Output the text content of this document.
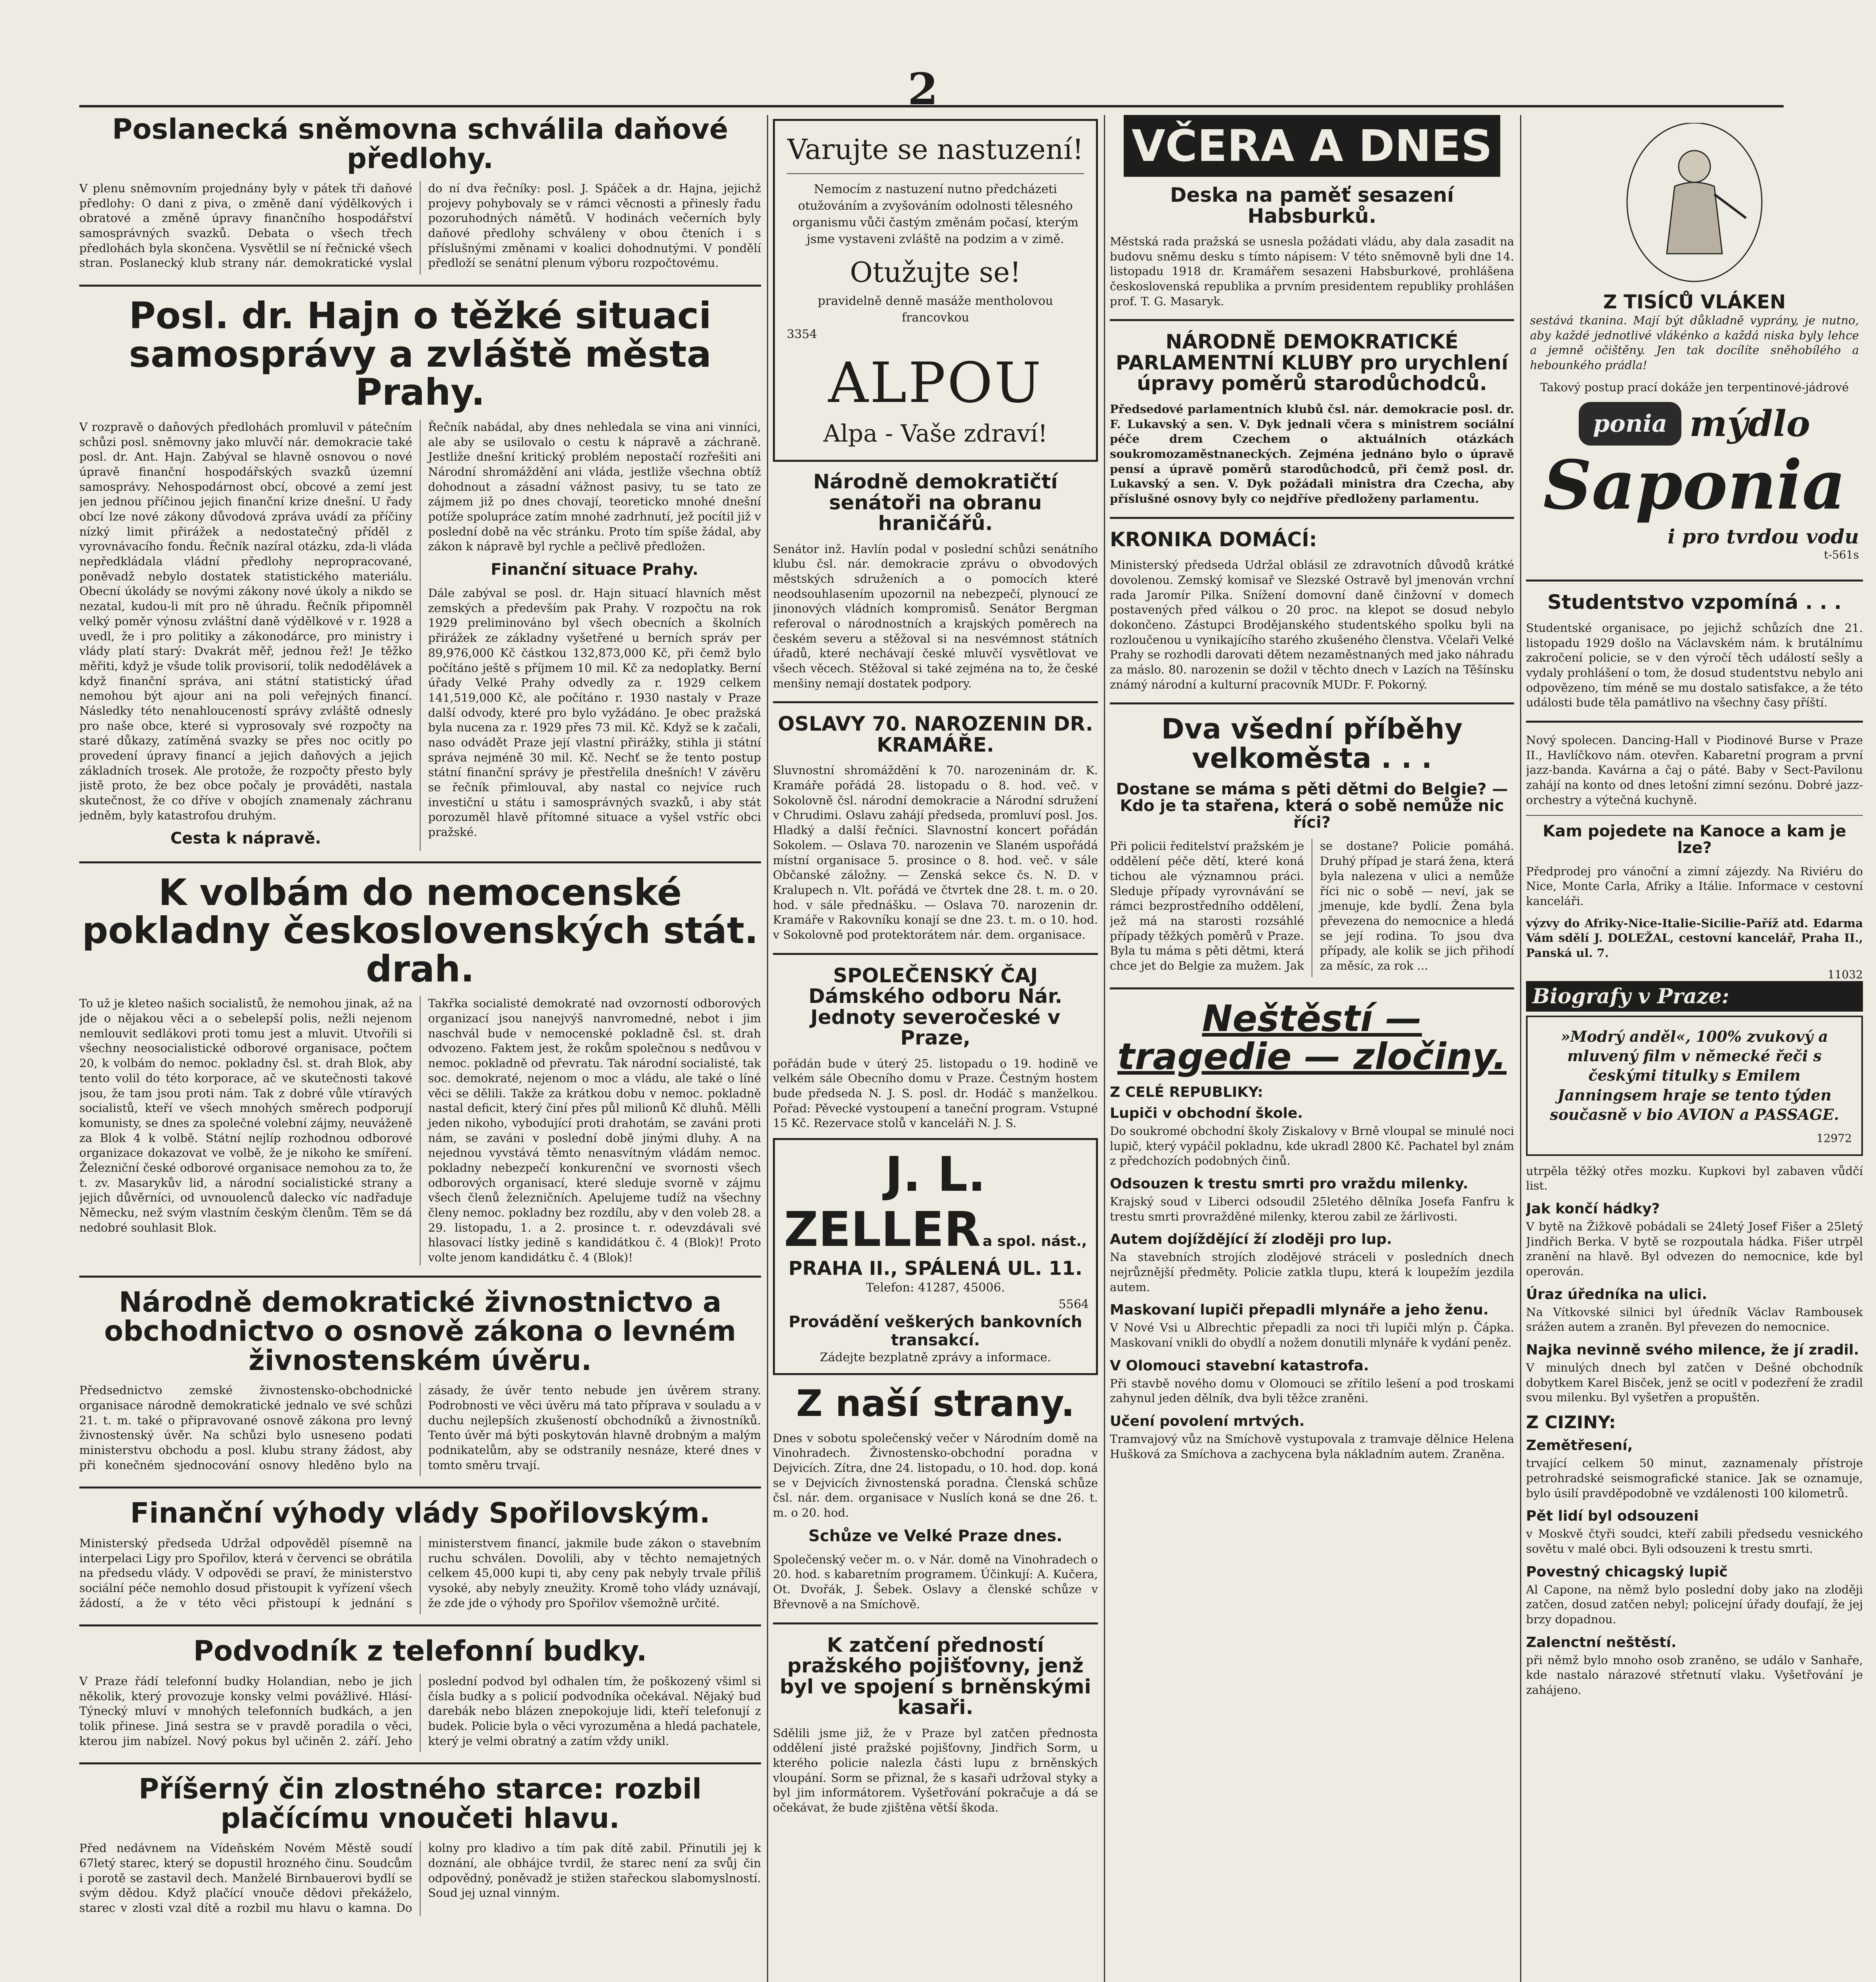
2
Poslanecká sněmovna schválila daňové předlohy.

V plenu sněmovním projednány byly v pátek tři daňové předlohy: O dani z piva, o změně daní výdělkových i obratové a změně úpravy finančního hospodářství samosprávných svazků. Debata o všech třech předlohách byla skončena. Vysvětlil se ní řečnické všech stran. Poslanecký klub strany nár. demokratické vyslal do ní dva řečníky: posl. J. Spáček a dr. Hajna, jejichž projevy pohybovaly se v rámci věcnosti a přinesly řadu pozoruhodných námětů. V hodinách večerních byly daňové předlohy schváleny v obou čteních i s příslušnými změnami v koalici dohodnutými. V pondělí předloží se senátní plenum výboru rozpočtovému.

Posl. dr. Hajn o těžké situaci samosprávy a zvláště města Prahy.

V rozpravě o daňových předlohách promluvil v pátečním schůzi posl. sněmovny jako mluvčí nár. demokracie také posl. dr. Ant. Hajn. Zabýval se hlavně osnovou o nové úpravě finanční hospodářských svazků územní samosprávy. Nehospodárnost obcí, obcové a zemí jest jen jednou příčinou jejich finanční krize dnešní. U řady obcí lze nové zákony důvodová zpráva uvádí za příčiny nízký limit přirážek a nedostatečný příděl z vyrovnávacího fondu. Řečník nazíral otázku, zda-li vláda nepředkládala vládní předlohy nepropracované, poněvadž nebylo dostatek statistického materiálu. Obecní úkolády se novými zákony nové úkoly a nikdo se nezatal, kudou-li mít pro ně úhradu. Řečník připomněl velký poměr výnosu zvláštní daně výdělkové v r. 1928 a uvedl, že i pro politiky a zákonodárce, pro ministry i vlády platí starý: Dvakrát měř, jednou řež! Je těžko měřiti, když je všude tolik provisorií, tolik nedodělávek a když finanční správa, ani státní statistický úřad nemohou být ajour ani na poli veřejných financí. Následky této nenahlouceností správy zvláště odnesly pro naše obce, které si vyprosovaly své rozpočty na staré důkazy, zatíměná svazky se přes noc ocitly po provedení úpravy financí a jejich daňových a jejich základních trosek. Ale protože, že rozpočty přesto byly jistě proto, že bez obce počaly je prováděti, nastala skutečnost, že co dříve v obojích znamenaly záchranu jedněm, byly katastrofou druhým.

Cesta k nápravě.

Řečník nabádal, aby dnes nehledala se vina ani vinníci, ale aby se usilovalo o cestu k nápravě a záchraně. Jestliže dnešní kritický problém nepostačí rozřešiti ani Národní shromáždění ani vláda, jestliže všechna obtíž dohodnout a zásadní vážnost pasivy, tu se tato ze zájmem již po dnes chovají, teoreticko mnohé dnešní potíže spolupráce zatím mnohé zadrhnutí, jež pocítil již v poslední době na věc stránku. Proto tím spíše žádal, aby zákon k nápravě byl rychle a pečlivě předložen.

Finanční situace Prahy.

Dále zabýval se posl. dr. Hajn situací hlavních měst zemských a především pak Prahy. V rozpočtu na rok 1929 preliminováno byl všech obecních a školních přirážek ze základny vyšetřené u berních správ per 89,976,000 Kč částkou 132,873,000 Kč, při čemž bylo počítáno ještě s příjmem 10 mil. Kč za nedoplatky. Berní úřady Velké Prahy odvedly za r. 1929 celkem 141,519,000 Kč, ale počítáno r. 1930 nastaly v Praze další odvody, které pro bylo vyžádáno. Je obec pražská byla nucena za r. 1929 přes 73 mil. Kč. Když se k začali, naso odvádět Praze její vlastní přirážky, stihla ji státní správa nejméně 30 mil. Kč. Nechť se že tento postup státní finanční správy je přestřelila dnešních! V závěru se řečník přimlouval, aby nastal co nejvíce ruch investiční u státu i samosprávných svazků, i aby stát porozuměl hlavě přítomné situace a vyšel vstříc obci pražské.

K volbám do nemocenské pokladny československých stát. drah.

To už je kleteo našich socialistů, že nemohou jinak, až na jde o nějakou věci a o sebelepší polis, nežli nejenom nemlouvit sedlákovi proti tomu jest a mluvit. Utvořili si všechny neosocialistické odborové organisace, počtem 20, k volbám do nemoc. pokladny čsl. st. drah Blok, aby tento volil do této korporace, ač ve skutečnosti takové jsou, že tam jsou proti nám. Tak z dobré vůle vtíravých socialistů, kteří ve všech mnohých směrech podporují komunisty, se dnes za společné volební zájmy, neuváženě za Blok 4 k volbě. Státní nejlíp rozhodnou odborové organizace dokazovat ve volbě, že je nikoho ke smíření. Železniční české odborové organisace nemohou za to, že t. zv. Masarykův lid, a národní socialistické strany a jejich důvěrníci, od uvnouolenců dalecko víc nadřaduje Německu, než svým vlastním českým členům. Těm se dá nedobré souhlasit Blok.

Takřka socialisté demokraté nad ovzorností odborových organizací jsou nanejvýš nanvromedné, nebot i jim naschvál bude v nemocenské pokladně čsl. st. drah odvozeno. Faktem jest, že rokům společnou s nedůvou v nemoc. pokladně od převratu. Tak národní socialisté, tak soc. demokraté, nejenom o moc a vládu, ale také o líné věci se dělili. Takže za krátkou dobu v nemoc. pokladně nastal deficit, který činí přes půl milionů Kč dluhů. Mělli jeden nikoho, vybodující proti drahotám, se zaváni proti nám, se zaváni v poslední době jinými dluhy. A na nejednou vyvstává těmto nenasvítným vládám nemoc. pokladny nebezpečí konkurenční ve svornosti všech odborových organisací, které sleduje svorně v zájmu všech členů železničních. Apelujeme tudíž na všechny členy nemoc. pokladny bez rozdílu, aby v den voleb 28. a 29. listopadu, 1. a 2. prosince t. r. odevzdávali své hlasovací lístky jedině s kandidátkou č. 4 (Blok)! Proto volte jenom kandidátku č. 4 (Blok)!

Národně demokratické živnostnictvo a obchodnictvo o osnově zákona o levném živnostenském úvěru.

Předsednictvo zemské živnostensko-obchodnické organisace národně demokratické jednalo ve své schůzi 21. t. m. také o připravované osnově zákona pro levný živnostenský úvěr. Na schůzi bylo usneseno podati ministerstvu obchodu a posl. klubu strany žádost, aby při konečném sjednocování osnovy hleděno bylo na zásady, že úvěr tento nebude jen úvěrem strany. Podrobnosti ve věci úvěru má tato příprava v souladu a v duchu nejlepších zkušeností obchodníků a živnostníků. Tento úvěr má býti poskytován hlavně drobným a malým podnikatelům, aby se odstranily nesnáze, které dnes v tomto směru trvají.

Finanční výhody vlády Spořilovským.

Ministerský předseda Udržal odpověděl písemně na interpelaci Ligy pro Spořilov, která v červenci se obrátila na předsedu vlády. V odpovědi se praví, že ministerstvo sociální péče nemohlo dosud přistoupit k vyřízení všech žádostí, a že v této věci přistoupí k jednání s ministerstvem financí, jakmile bude zákon o stavebním ruchu schválen. Dovolili, aby v těchto nemajetných celkem 45,000 kupi ti, aby ceny pak nebyly trvale příliš vysoké, aby nebyly zneužity. Kromě toho vlády uznávají, že zde jde o výhody pro Spořilov všemožně určité.

Podvodník z telefonní budky.

V Praze řádí telefonní budky Holandian, nebo je jich několik, který provozuje konsky velmi povážlivé. Hlásí-Týnecký mluví v mnohých telefonních budkách, a jen tolik přinese. Jiná sestra se v pravdě poradila o věci, kterou jim nabízel. Nový pokus byl učiněn 2. září. Jeho poslední podvod byl odhalen tím, že poškozený všiml si čísla budky a s policií podvodníka očekával. Nějaký bud darebák nebo blázen znepokojuje lidi, kteří telefonují z budek. Policie byla o věci vyrozuměna a hledá pachatele, který je velmi obratný a zatím vždy unikl.

Příšerný čin zlostného starce: rozbil plačícímu vnoučeti hlavu.

Před nedávnem na Vídeňském Novém Městě soudí 67letý starec, který se dopustil hrozného činu. Soudcům i porotě se zastavil dech. Manželé Birnbauerovi bydlí se svým dědou. Když plačící vnouče dědovi překáželo, starec v zlosti vzal dítě a rozbil mu hlavu o kamna. Do kolny pro kladivo a tím pak dítě zabil. Přinutili jej k doznání, ale obhájce tvrdil, že starec není za svůj čin odpovědný, poněvadž je stižen stařeckou slabomyslností. Soud jej uznal vinným.

Varujte se nastuzení!
Nemocím z nastuzení nutno předcházeti otužováním a zvyšováním odolnosti tělesného organismu vůči častým změnám počasí, kterým jsme vystaveni zvláště na podzim a v zimě.
Otužujte se!
pravidelně denně masáže mentholovou francovkou
3354
ALPOU
Alpa - Vaše zdraví!
Národně demokratičtí senátoři na obranu hraničářů.

Senátor inž. Havlín podal v poslední schůzi senátního klubu čsl. nár. demokracie zprávu o obvodových městských sdruženích a o pomocích které neodsouhlasením upozornil na nebezpečí, plynoucí ze jinonových vládních kompromisů. Senátor Bergman referoval o národnostních a krajských poměrech na českém severu a stěžoval si na nesvémnost státních úřadů, které nechávají české mluvčí vysvětlovat ve všech věcech. Stěžoval si také zejména na to, že české menšiny nemají dostatek podpory.

OSLAVY 70. NAROZENIN DR. KRAMÁŘE.

Sluvnostní shromáždění k 70. narozeninám dr. K. Kramáře pořádá 28. listopadu o 8. hod. več. v Sokolovně čsl. národní demokracie a Národní sdružení v Chrudimi. Oslavu zahájí předseda, promluví posl. Jos. Hladký a další řečníci. Slavnostní koncert pořádán Sokolem. — Oslava 70. narozenin ve Slaném uspořádá místní organisace 5. prosince o 8. hod. več. v sále Občanské záložny. — Zenská sekce čs. N. D. v Kralupech n. Vlt. pořádá ve čtvrtek dne 28. t. m. o 20. hod. v sále přednášku. — Oslava 70. narozenin dr. Kramáře v Rakovníku konají se dne 23. t. m. o 10. hod. v Sokolovně pod protektorátem nár. dem. organisace.

SPOLEČENSKÝ ČAJ Dámského odboru Nár. Jednoty severočeské v Praze,

pořádán bude v úterý 25. listopadu o 19. hodině ve velkém sále Obecního domu v Praze. Čestným hostem bude předseda N. J. S. posl. dr. Hodáč s manželkou. Pořad: Pěvecké vystoupení a taneční program. Vstupné 15 Kč. Rezervace stolů v kanceláři N. J. S.

J. L. ZELLER a spol. nást.,
PRAHA II., SPÁLENÁ UL. 11.
Telefon: 41287, 45006.
5564
Provádění veškerých bankovních transakcí.
Zádejte bezplatně zprávy a informace.
Z naší strany.

Dnes v sobotu společenský večer v Národním domě na Vinohradech. Živnostensko-obchodní poradna v Dejvicích. Zítra, dne 24. listopadu, o 10. hod. dop. koná se v Dejvicích živnostenská poradna. Členská schůze čsl. nár. dem. organisace v Nuslích koná se dne 26. t. m. o 20. hod.

Schůze ve Velké Praze dnes.

Společenský večer m. o. v Nár. domě na Vinohradech o 20. hod. s kabaretním programem. Účinkují: A. Kučera, Ot. Dvořák, J. Šebek. Oslavy a členské schůze v Břevnově a na Smíchově.

K zatčení předností pražského pojišťovny, jenž byl ve spojení s brněnskými kasaři.

Sdělili jsme již, že v Praze byl zatčen přednosta oddělení jisté pražské pojišťovny, Jindřich Sorm, u kterého policie nalezla části lupu z brněnských vloupání. Sorm se přiznal, že s kasaři udržoval styky a byl jim informátorem. Vyšetřování pokračuje a dá se očekávat, že bude zjištěna větší škoda.

VČERA A DNES
Deska na paměť sesazení Habsburků.

Městská rada pražská se usnesla požádati vládu, aby dala zasadit na budovu sněmu desku s tímto nápisem: V této sněmovně byli dne 14. listopadu 1918 dr. Kramářem sesazeni Habsburkové, prohlášena československá republika a prvním presidentem republiky prohlášen prof. T. G. Masaryk.

NÁRODNĚ DEMOKRATICKÉ PARLAMENTNÍ KLUBY pro urychlení úpravy poměrů starodůchodců.

Předsedové parlamentních klubů čsl. nár. demokracie posl. dr. F. Lukavský a sen. V. Dyk jednali včera s ministrem sociální péče drem Czechem o aktuálních otázkách soukromozaměstnaneckých. Zejména jednáno bylo o úpravě pensí a úpravě poměrů starodůchodců, při čemž posl. dr. Lukavský a sen. V. Dyk požádali ministra dra Czecha, aby příslušné osnovy byly co nejdříve předloženy parlamentu.

KRONIKA DOMÁCÍ:

Ministerský předseda Udržal oblásil ze zdravotních důvodů krátké dovolenou. Zemský komisař ve Slezské Ostravě byl jmenován vrchní rada Jaromír Pilka. Snížení domovní daně činžovní v domech postavených před válkou o 20 proc. na klepot se dosud nebylo dokončeno. Zástupci Brodějanského studentského spolku byli na rozloučenou u vynikajícího starého zkušeného členstva. Včelaři Velké Prahy se rozhodli darovati dětem nezaměstnaných med jako náhradu za máslo. 80. narozenin se dožil v těchto dnech v Lazích na Těšínsku známý národní a kulturní pracovník MUDr. F. Pokorný.

Dva všední příběhy velkoměsta . . .
Dostane se máma s pěti dětmi do Belgie? — Kdo je ta stařena, která o sobě nemůže nic říci?

Při policii ředitelství pražském je oddělení péče dětí, které koná tichou ale významnou práci. Sleduje případy vyrovnávání se rámci bezprostředního oddělení, jež má na starosti rozsáhlé případy těžkých poměrů v Praze. Byla tu máma s pěti dětmi, která chce jet do Belgie za mužem. Jak se dostane? Policie pomáhá. Druhý případ je stará žena, která byla nalezena v ulici a nemůže říci nic o sobě — neví, jak se jmenuje, kde bydlí. Žena byla převezena do nemocnice a hledá se její rodina. To jsou dva případy, ale kolik se jich přihodí za měsíc, za rok ...

Neštěstí — tragedie — zločiny.
Z CELÉ REPUBLIKY:
Lupiči v obchodní škole.

Do soukromé obchodní školy Ziskalovy v Brně vloupal se minulé noci lupič, který vypáčil pokladnu, kde ukradl 2800 Kč. Pachatel byl znám z předchozích podobných činů.

Odsouzen k trestu smrti pro vraždu milenky.

Krajský soud v Liberci odsoudil 25letého dělníka Josefa Fanfru k trestu smrti provražděné milenky, kterou zabil ze žárlivosti.

Autem dojíždějící ží zloději pro lup.

Na stavebních strojích zlodějové stráceli v posledních dnech nejrůznější předměty. Policie zatkla tlupu, která k loupežím jezdila autem.

Maskovaní lupiči přepadli mlynáře a jeho ženu.

V Nové Vsi u Albrechtic přepadli za noci tři lupiči mlýn p. Čápka. Maskovaní vnikli do obydlí a nožem donutili mlynáře k vydání peněz.

V Olomouci stavební katastrofa.

Při stavbě nového domu v Olomouci se zřítilo lešení a pod troskami zahynul jeden dělník, dva byli těžce zraněni.

Učení povolení mrtvých.

Tramvajový vůz na Smíchově vystupovala z tramvaje dělnice Helena Hušková za Smíchova a zachycena byla nákladním autem. Zraněna.

Z TISÍCŮ VLÁKEN

sestává tkanina. Mají být důkladně vyprány, je nutno, aby každé jednotlivé vlákénko a každá niska byly lehce a jemně očištěny. Jen tak docílíte sněhobílého a hebounkého prádla!

Takový postup prací dokáže jen terpentinové-jádrové

ponia mýdlo
Saponia
i pro tvrdou vodu
t-561s
Studentstvo vzpomíná . . .

Studentské organisace, po jejichž schůzích dne 21. listopadu 1929 došlo na Václavském nám. k brutálnímu zakročení policie, se v den výročí těch událostí sešly a vydaly prohlášení o tom, že dosud studentstvu nebylo ani odpovězeno, tím méně se mu dostalo satisfakce, a že této události bude těla památlivo na všechny časy příští.

Nový spolecen. Dancing-Hall v Piodinové Burse v Praze II., Havlíčkovo nám. otevřen. Kabaretní program a první jazz-banda. Kavárna a čaj o páté. Baby v Sect-Pavilonu zahájí na konto od dnes letošní zimní sezónu. Dobré jazz-orchestry a výtečná kuchyně.

Kam pojedete na Kanoce a kam je lze?

Předprodej pro vánoční a zimní zájezdy. Na Riviéru do Nice, Monte Carla, Afriky a Itálie. Informace v cestovní kanceláři.

výzvy do Afriky-Nice-Italie-Sicilie-Paříž atd. Edarma Vám sdělí J. DOLEŽAL, cestovní kancelář, Praha II., Panská ul. 7.

11032
Biografy v Praze:

»Modrý anděl«, 100% zvukový a mluvený film v německé řeči s českými titulky s Emilem Janningsem hraje se tento týden současně v bio AVION a PASSAGE.

12972

utrpěla těžký otřes mozku. Kupkovi byl zabaven vůdčí list.

Jak končí hádky?

V bytě na Žižkově pobádali se 24letý Josef Fišer a 25letý Jindřich Berka. V bytě se rozpoutala hádka. Fišer utrpěl zranění na hlavě. Byl odvezen do nemocnice, kde byl operován.

Úraz úředníka na ulici.

Na Vítkovské silnici byl úředník Václav Rambousek srážen autem a zraněn. Byl převezen do nemocnice.

Najka nevinně svého milence, že jí zradil.

V minulých dnech byl zatčen v Dešné obchodník dobytkem Karel Bisček, jenž se ocitl v podezření že zradil svou milenku. Byl vyšetřen a propuštěn.

Z CIZINY:
Zemětřesení,

trvající celkem 50 minut, zaznamenaly přístroje petrohradské seismografické stanice. Jak se oznamuje, bylo úsilí pravděpodobně ve vzdálenosti 100 kilometrů.

Pět lidí byl odsouzeni

v Moskvě čtyři soudci, kteří zabili předsedu vesnického sovětu v malé obci. Byli odsouzeni k trestu smrti.

Povestný chicagský lupič

Al Capone, na němž bylo poslední doby jako na zloději zatčen, dosud zatčen nebyl; policejní úřady doufají, že jej brzy dopadnou.

Zalenctní neštěstí.

při němž bylo mnoho osob zraněno, se událo v Sanhaře, kde nastalo nárazové střetnutí vlaku. Vyšetřování je zahájeno.
